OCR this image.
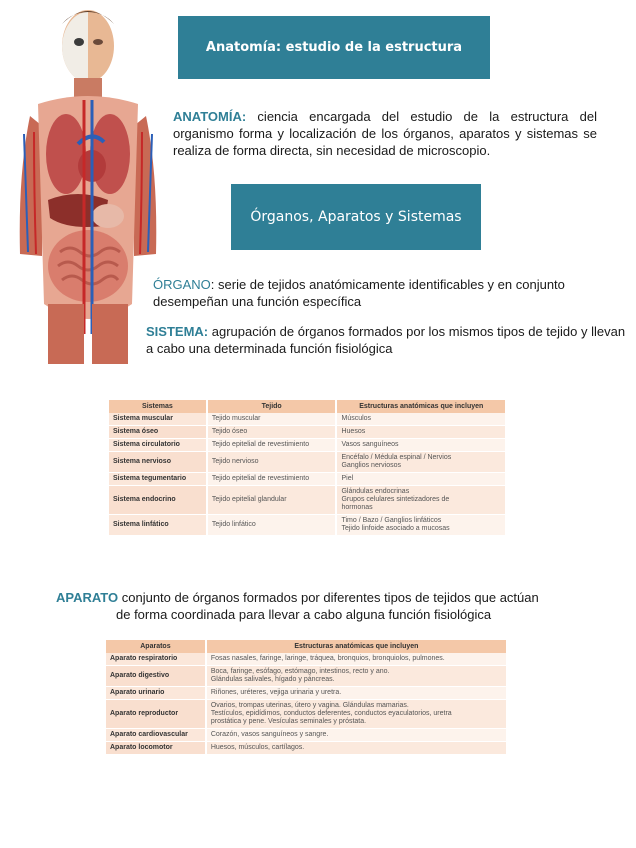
Anatomía: estudio de la estructura
ANATOMÍA: ciencia encargada del estudio de la estructura del organismo forma y localización de los órganos, aparatos y sistemas se realiza de forma directa, sin necesidad de microscopio.
Órganos, Aparatos y Sistemas
ÓRGANO: serie de tejidos anatómicamente identificables y en conjunto desempeñan una función específica
SISTEMA: agrupación de órganos formados por los mismos tipos de tejido y llevan a cabo una determinada función fisiológica
Sistemas	Tejido	Estructuras anatómicas que incluyen
Sistema muscular	Tejido muscular	Músculos
Sistema óseo	Tejido óseo	Huesos
Sistema circulatorio	Tejido epitelial de revestimiento	Vasos sanguíneos
Sistema nervioso	Tejido nervioso	Encéfalo / Médula espinal / Nervios
Ganglios nerviosos
Sistema tegumentario	Tejido epitelial de revestimiento	Piel
Sistema endocrino	Tejido epitelial glandular	Glándulas endocrinas
Grupos celulares sintetizadores de
hormonas
Sistema linfático	Tejido linfático	Timo / Bazo / Ganglios linfáticos
Tejido linfoide asociado a mucosas
APARATO conjunto de órganos formados por diferentes tipos de tejidos que actúan
de forma coordinada para llevar a cabo alguna función fisiológica
Aparatos	Estructuras anatómicas que incluyen
Aparato respiratorio	Fosas nasales, faringe, laringe, tráquea, bronquios, bronquiolos, pulmones.
Aparato digestivo	Boca, faringe, esófago, estómago, intestinos, recto y ano.
Glándulas salivales, hígado y páncreas.
Aparato urinario	Riñones, uréteres, vejiga urinaria y uretra.
Aparato reproductor	Ovarios, trompas uterinas, útero y vagina. Glándulas mamarias.
Testículos, epidídimos, conductos deferentes, conductos eyaculatorios, uretra
prostática y pene. Vesículas seminales y próstata.
Aparato cardiovascular	Corazón, vasos sanguíneos y sangre.
Aparato locomotor	Huesos, músculos, cartílagos.
